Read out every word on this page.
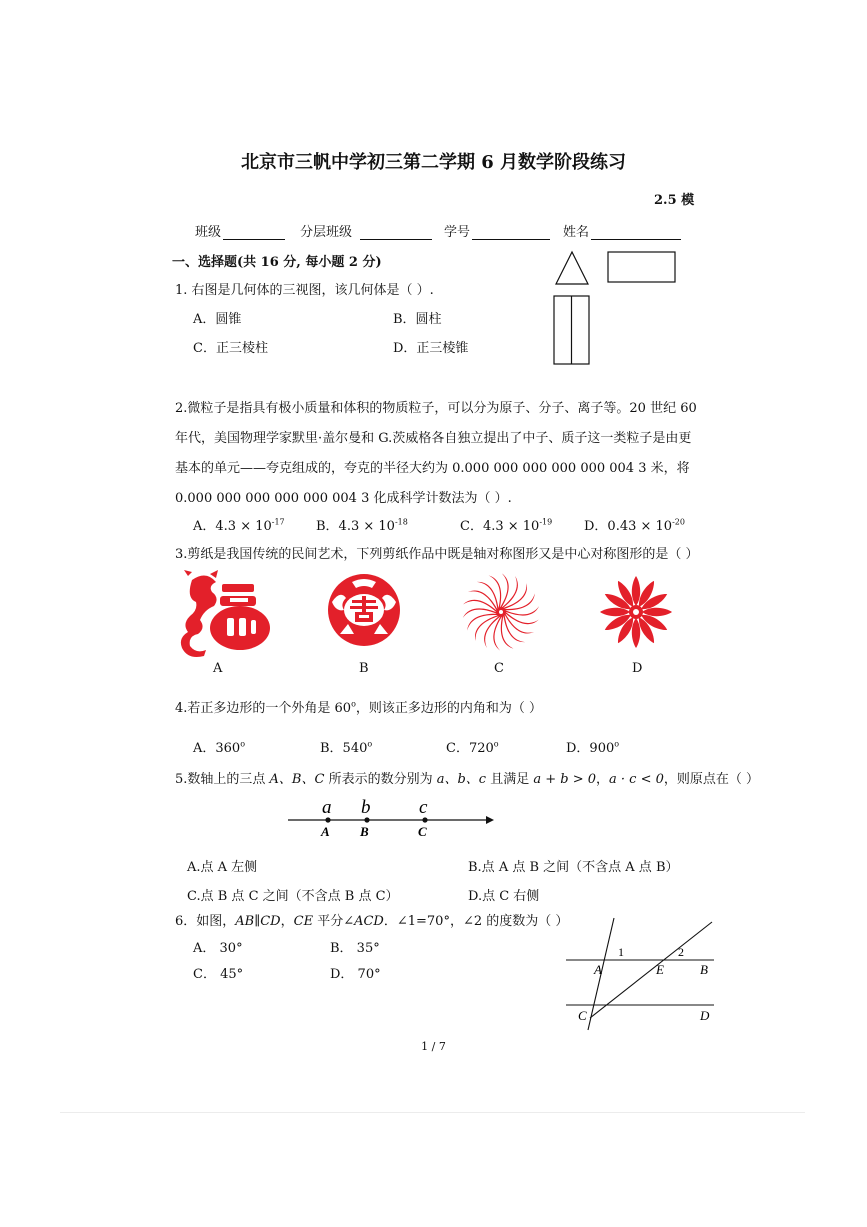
北京市三帆中学初三第二学期 6 月数学阶段练习
2.5 模
班级	分层班级	学号	姓名
一、选择题(共 16 分, 每小题 2 分)
1. 右图是几何体的三视图，该几何体是（ ）.
A．圆锥	B．圆柱
C．正三棱柱	D．正三棱锥
2.微粒子是指具有极小质量和体积的物质粒子，可以分为原子、分子、离子等。20 世纪 60
年代，美国物理学家默里·盖尔曼和 G.茨威格各自独立提出了中子、质子这一类粒子是由更
基本的单元——夸克组成的，夸克的半径大约为 0.000 000 000 000 000 004 3 米，将
0.000 000 000 000 000 004 3 化成科学计数法为（ ）.
A．$4.3 \times 10^{-17}$ B．$4.3 \times 10^{-18}$	C．$4.3 \times 10^{-19}$ D．$0.43 \times 10^{-20}$
3.剪纸是我国传统的民间艺术，下列剪纸作品中既是轴对称图形又是中心对称图形的是（ ）
A	B	C	D
4.若正多边形的一个外角是 60$^o$，则该正多边形的内角和为（ ）
A．360$^o$	B．540$^o$	C．720$^o$	D．900$^o$
5.数轴上的三点 A、B、C 所表示的数分别为 a、b、c 且满足 a + b > 0，a · c < 0，则原点在（ ）
a b	c
A B	C
A.点 A 左侧	B.点 A 点 B 之间（不含点 A 点 B）
C.点 B 点 C 之间（不含点 B 点 C）	D.点 C 右侧
6．如图，AB∥CD，CE 平分∠ACD．∠1=70°，∠2 的度数为（ ）
A． 30°	B． 35°
C． 45°	D． 70°
1	2
A	E	B
C	D
1 / 7
